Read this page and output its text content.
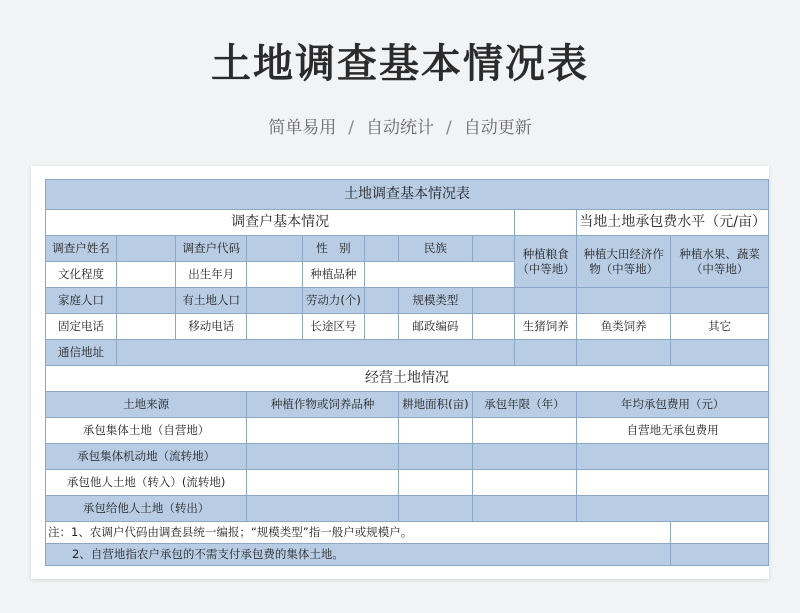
土地调查基本情况表
简单易用 / 自动统计 / 自动更新
土地调查基本情况表										
调查户基本情况									当地土地承包费水平（元/亩）	
调查户姓名		调查户代码		性　别		民族		种植粮食（中等地）	种植大田经济作物（中等地）	种植水果、蔬菜（中等地）
文化程度		出生年月		种植品种						
家庭人口		有土地人口		劳动力(个)		规模类型				
固定电话		移动电话		长途区号		邮政编码		生猪饲养	鱼类饲养	其它
通信地址										
经营土地情况										
土地来源			种植作物或饲养品种			耕地面积(亩)	承包年限（年）		年均承包费用（元）	
承包集体土地（自营地）									自营地无承包费用	
承包集体机动地（流转地）										
承包他人土地（转入）(流转地)										
承包给他人土地（转出）										
注：1、农调户代码由调查县统一编报；“规模类型”指一般户或规模户。										
2、自营地指农户承包的不需支付承包费的集体土地。										
